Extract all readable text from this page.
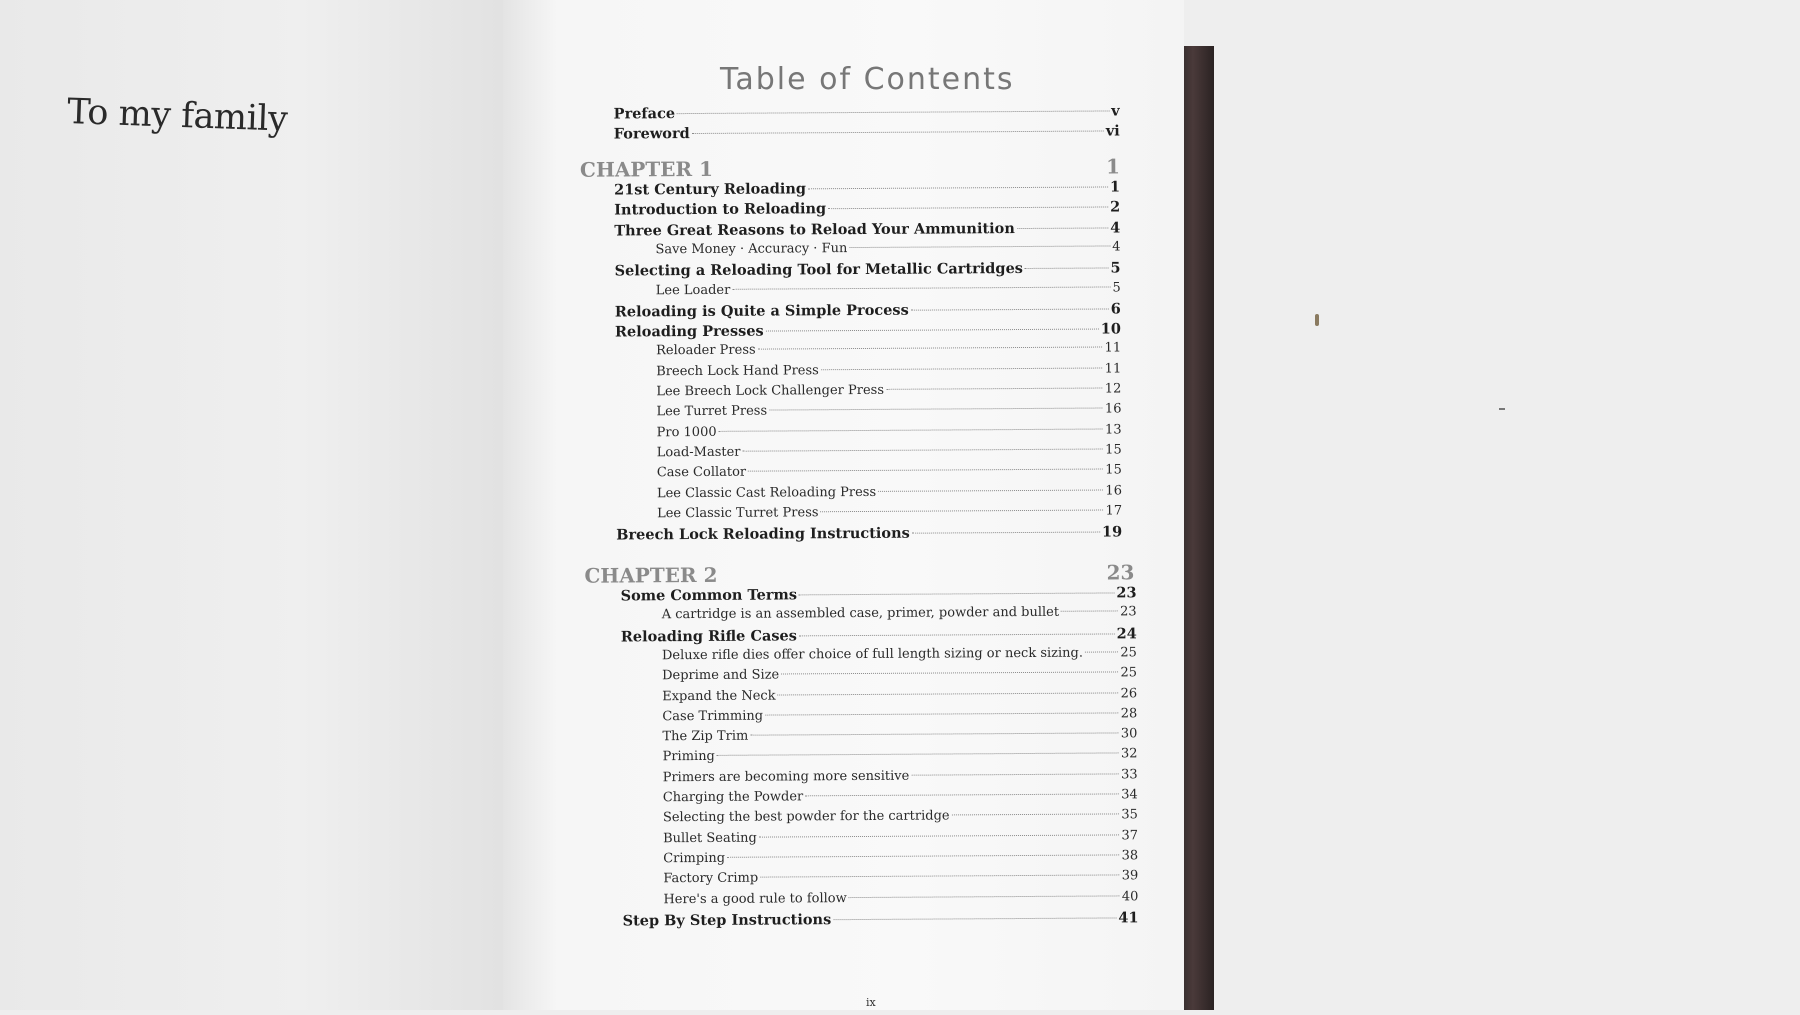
To my family
Table of Contents
Preface	v
Foreword	vi
CHAPTER 1	1
21st Century Reloading	1
Introduction to Reloading	2
Three Great Reasons to Reload Your Ammunition	4
Save Money · Accuracy · Fun	4
Selecting a Reloading Tool for Metallic Cartridges	5
Lee Loader	5
Reloading is Quite a Simple Process	6
Reloading Presses	10
Reloader Press	11
Breech Lock Hand Press	11
Lee Breech Lock Challenger Press	12
Lee Turret Press	16
Pro 1000	13
Load-Master	15
Case Collator	15
Lee Classic Cast Reloading Press	16
Lee Classic Turret Press	17
Breech Lock Reloading Instructions	19
CHAPTER 2	23
Some Common Terms	23
A cartridge is an assembled case, primer, powder and bullet	23
Reloading Rifle Cases	24
Deluxe rifle dies offer choice of full length sizing or neck sizing.	25
Deprime and Size	25
Expand the Neck	26
Case Trimming	28
The Zip Trim	30
Priming	32
Primers are becoming more sensitive	33
Charging the Powder	34
Selecting the best powder for the cartridge	35
Bullet Seating	37
Crimping	38
Factory Crimp	39
Here's a good rule to follow	40
Step By Step Instructions	41
ix
